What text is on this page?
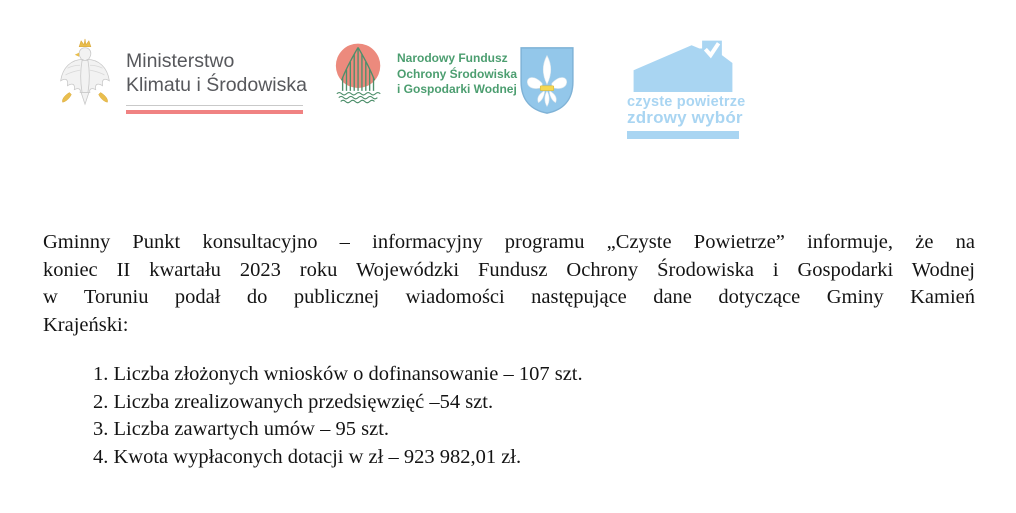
Ministerstwo
Klimatu i Środowiska
Narodowy Fundusz
Ochrony Środowiska
i Gospodarki Wodnej
czyste powietrze
zdrowy wybór
Gminny Punkt konsultacyjno – informacyjny programu „Czyste Powietrze” informuje, że na
koniec II kwartału 2023 roku Wojewódzki Fundusz Ochrony Środowiska i Gospodarki Wodnej
w Toruniu podał do publicznej wiadomości następujące dane dotyczące Gminy Kamień
Krajeński:
1. Liczba złożonych wniosków o dofinansowanie – 107 szt.
2. Liczba zrealizowanych przedsięwzięć –54 szt.
3. Liczba zawartych umów – 95 szt.
4. Kwota wypłaconych dotacji w zł – 923 982,01 zł.
